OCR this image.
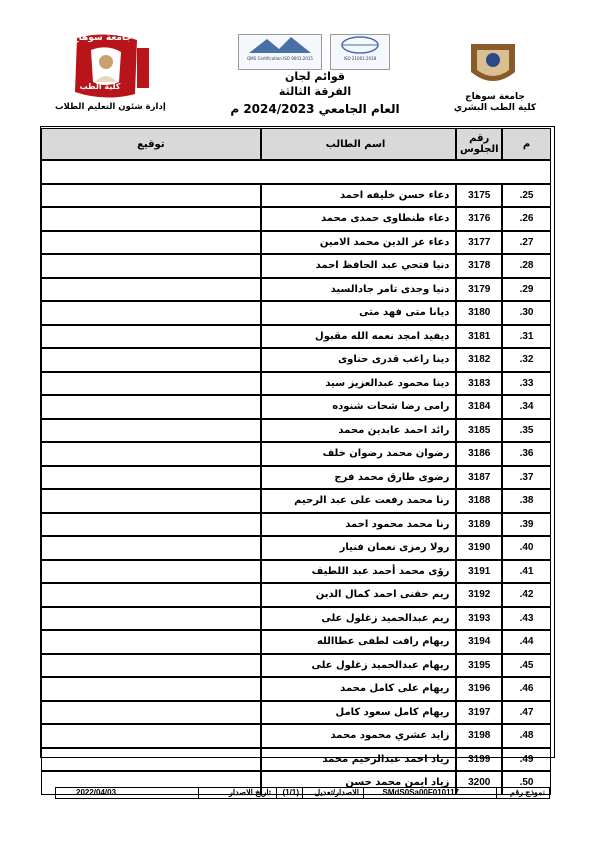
جامعة سوهاج
كلية الطب
QMS Certification ISO 9001:2015	ISO 21001:2018
جامعة سوهاج
كلية الطب البشري
قوائم لجان
الفرقة الثالثة
العام الجامعي 2024/2023 م
إدارة شئون التعليم الطلاب
م	رقم الجلوس	اسم الطالب	توقيع

.25	3175	دعاء حسن خليفه احمد	
.26	3176	دعاء طنطاوى حمدى محمد	
.27	3177	دعاء عز الدين محمد الامين	
.28	3178	دنيا فتحي عبد الحافظ احمد	
.29	3179	دنيا وجدى تامر جادالسيد	
.30	3180	ديانا متى فهد متى	
.31	3181	ديفيد امجد نعمه الله مقبول	
.32	3182	دينا راغب قدرى حناوى	
.33	3183	دينا محمود عبدالعزيز سيد	
.34	3184	رامى رضا شحات شنوده	
.35	3185	رائد احمد عابدين محمد	
.36	3186	رضوان محمد رضوان خلف	
.37	3187	رضوى طارق محمد فرج	
.38	3188	رنا محمد رفعت على عبد الرحيم	
.39	3189	رنا محمد محمود احمد	
.40	3190	رولا رمزى نعمان فنيار	
.41	3191	رؤى محمد أحمد عبد اللطيف	
.42	3192	ريم حفنى احمد كمال الدين	
.43	3193	ريم عبدالحميد زغلول على	
.44	3194	ريهام رافت لطفى عطاالله	
.45	3195	ريهام عبدالحميد زغلول على	
.46	3196	ريهام على كامل محمد	
.47	3197	ريهام كامل سعود كامل	
.48	3198	زايد عشري محمود محمد	
.49	3199	زياد احمد عبدالرحيم محمد	
.50	3200	زياد ايمن محمد حسن	
نموذج رقم
SMdS0Sa00F010117
الاصدار/تعديل
(1/1)
تاريخ الاصدار
2022/04/03
